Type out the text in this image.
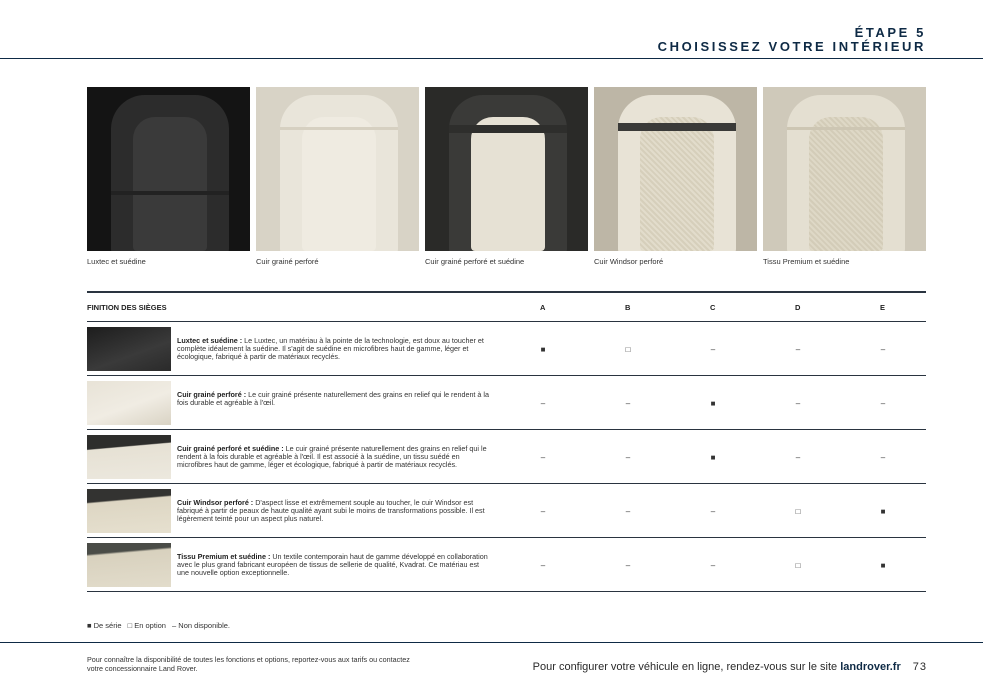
ÉTAPE 5
CHOISISSEZ VOTRE INTÉRIEUR
Luxtec et suédine	Cuir grainé perforé	Cuir grainé perforé et suédine	Cuir Windsor perforé	Tissu Premium et suédine
FINITION DES SIÈGES	A	B	C	D	E
Luxtec et suédine : Le Luxtec, un matériau à la pointe de la technologie, est doux au toucher et complète idéalement la suédine. Il s'agit de suédine en microfibres haut de gamme, léger et écologique, fabriqué à partir de matériaux recyclés.
■	□	–	–	–
Cuir grainé perforé : Le cuir grainé présente naturellement des grains en relief qui le rendent à la fois durable et agréable à l'œil.	–	–	■	–	–
Cuir grainé perforé et suédine : Le cuir grainé présente naturellement des grains en relief qui le rendent à la fois durable et agréable à l'œil. Il est associé à la suédine, un tissu suédé en microfibres haut de gamme, léger et écologique, fabriqué à partir de matériaux recyclés.
–	–	■	–	–
Cuir Windsor perforé : D'aspect lisse et extrêmement souple au toucher, le cuir Windsor est fabriqué à partir de peaux de haute qualité ayant subi le moins de transformations possible. Il est légèrement teinté pour un aspect plus naturel.
–	–	–	□	■
Tissu Premium et suédine : Un textile contemporain haut de gamme développé en collaboration avec le plus grand fabricant européen de tissus de sellerie de qualité, Kvadrat. Ce matériau est une nouvelle option exceptionnelle.
–	–	–	□	■
■ De série □ En option – Non disponible.
Pour connaître la disponibilité de toutes les fonctions et options, reportez-vous aux tarifs ou contactez votre concessionnaire Land Rover.	Pour configurer votre véhicule en ligne, rendez-vous sur le site landrover.fr 73
